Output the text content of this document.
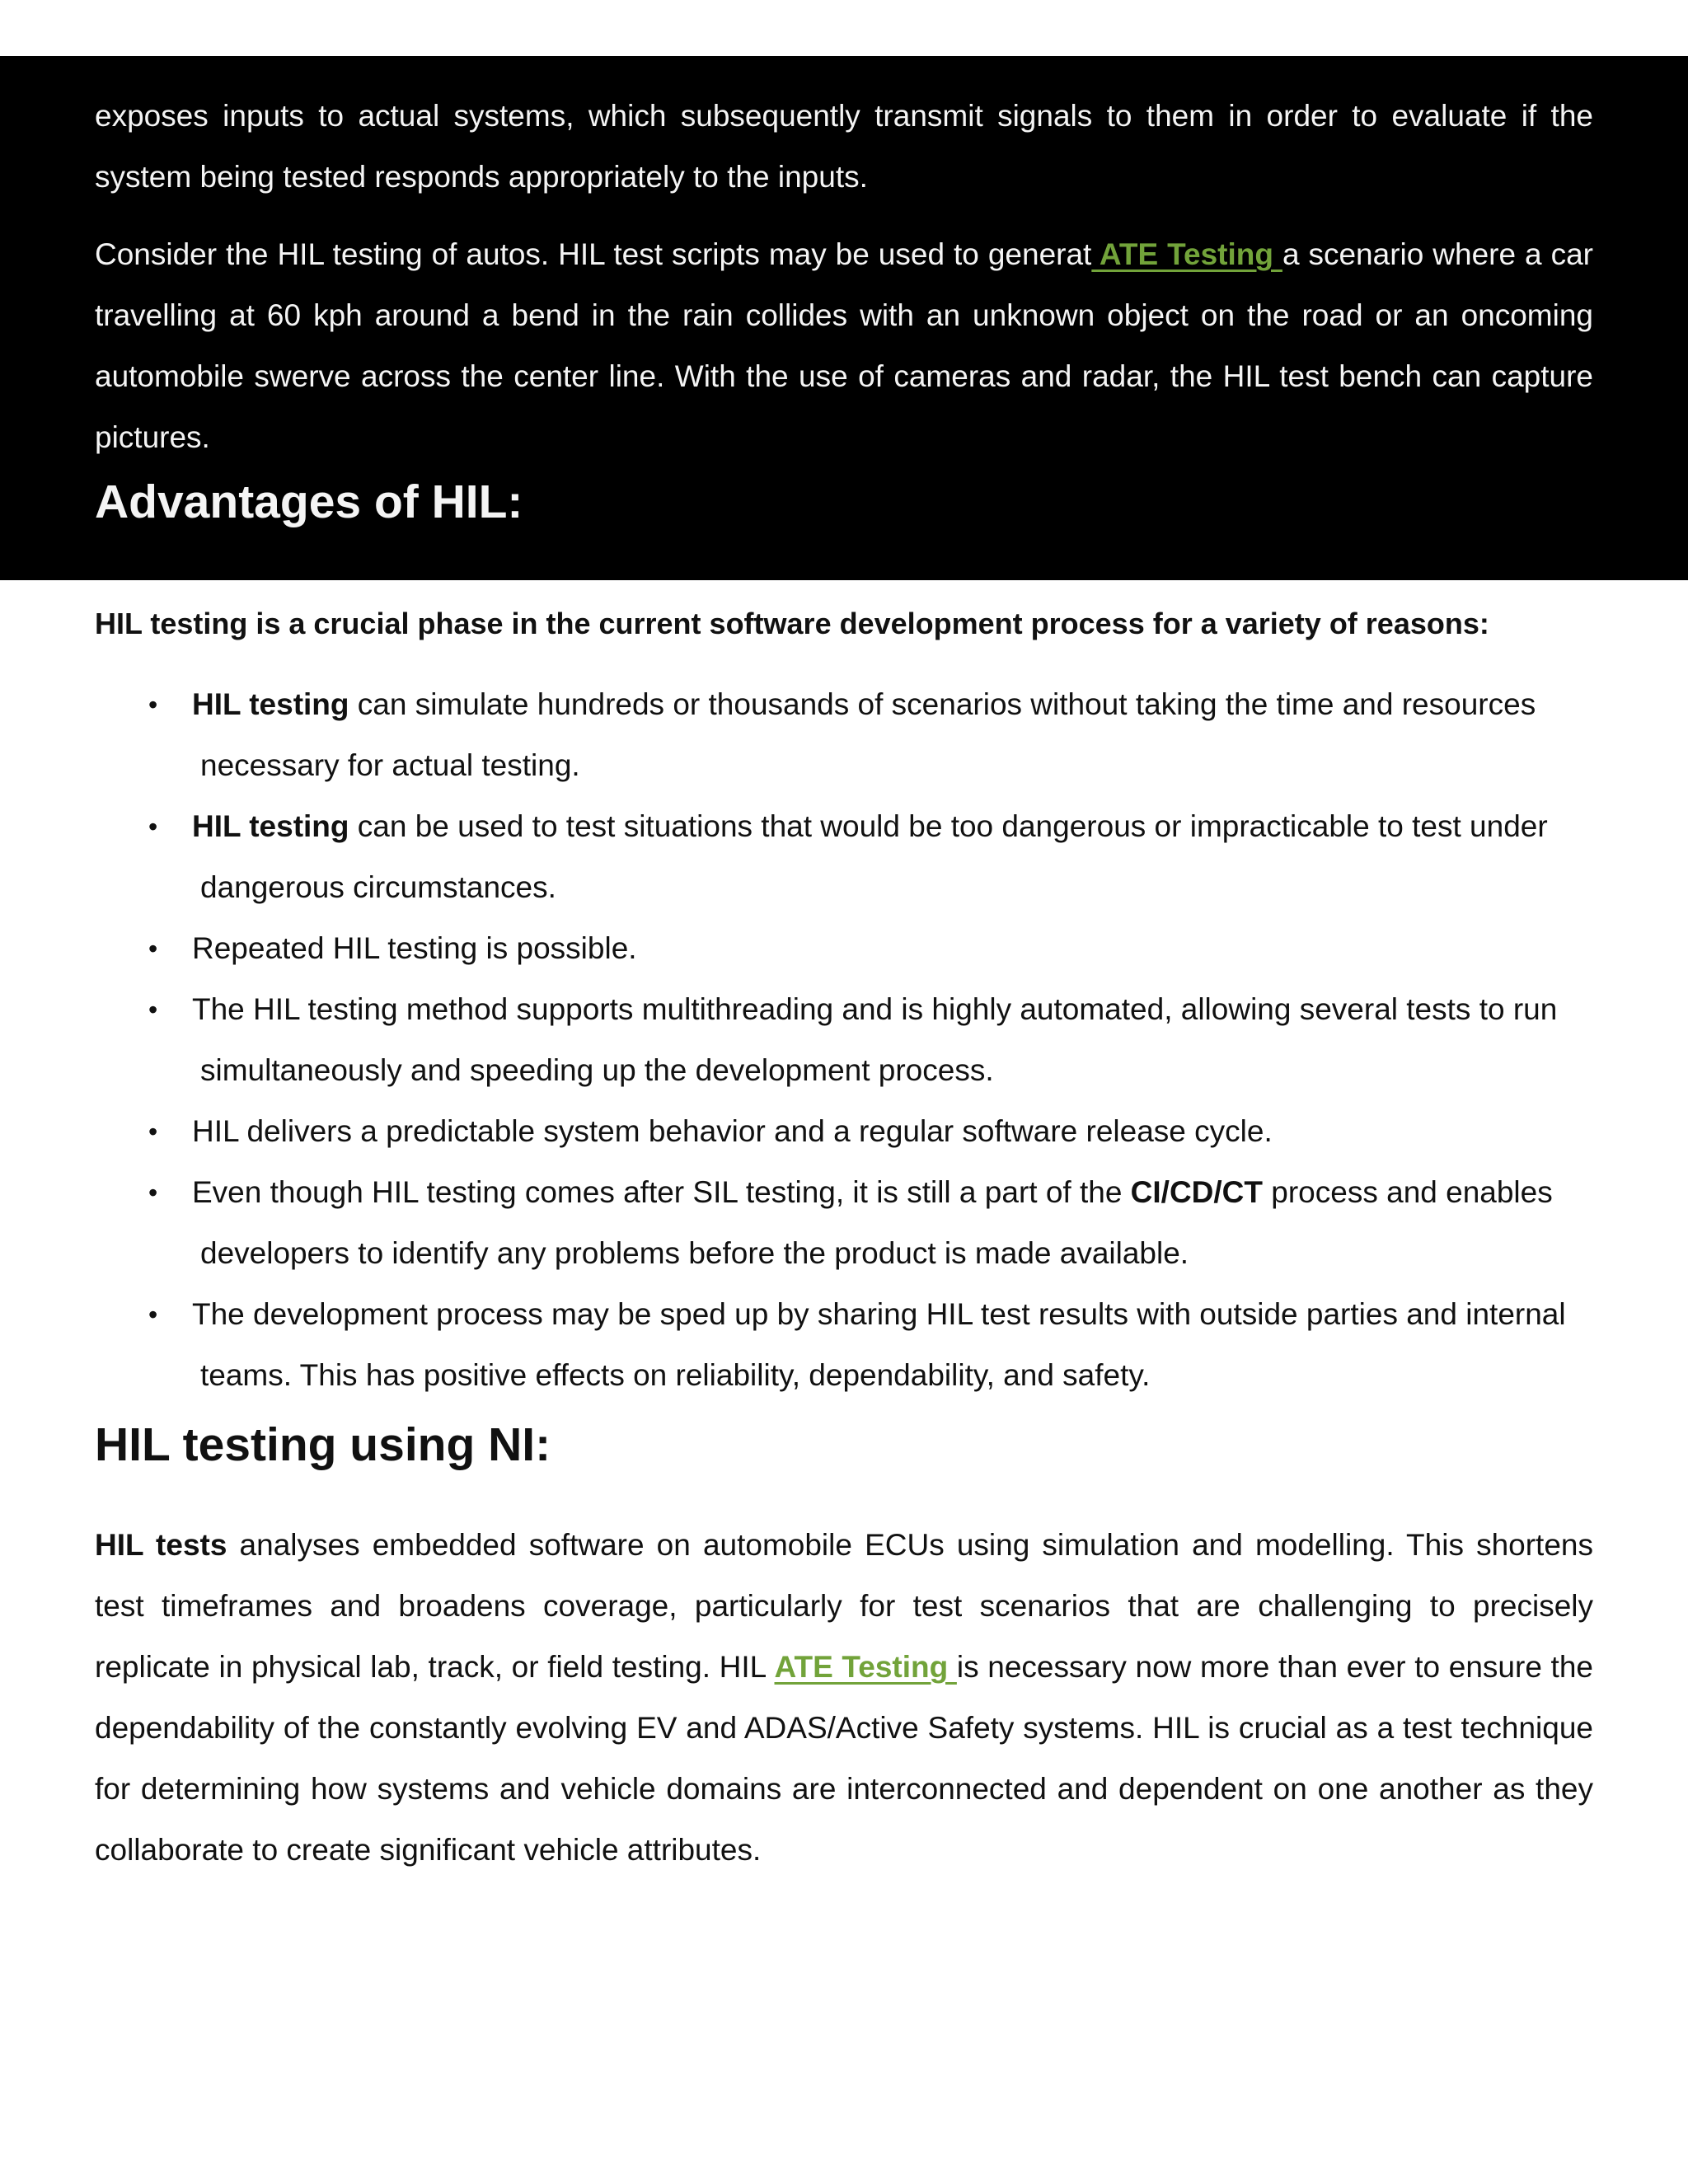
exposes inputs to actual systems, which subsequently transmit signals to them in order to evaluate if the system being tested responds appropriately to the inputs.

Consider the HIL testing of autos. HIL test scripts may be used to generat ATE Testing a scenario where a car travelling at 60 kph around a bend in the rain collides with an unknown object on the road or an oncoming automobile swerve across the center line. With the use of cameras and radar, the HIL test bench can capture pictures.

Advantages of HIL:

HIL testing is a crucial phase in the current software development process for a variety of reasons:

• HIL testing can simulate hundreds or thousands of scenarios without taking the time and resources
necessary for actual testing.
• HIL testing can be used to test situations that would be too dangerous or impracticable to test under
dangerous circumstances.
• Repeated HIL testing is possible.
• The HIL testing method supports multithreading and is highly automated, allowing several tests to run
simultaneously and speeding up the development process.
• HIL delivers a predictable system behavior and a regular software release cycle.
• Even though HIL testing comes after SIL testing, it is still a part of the CI/CD/CT process and enables
developers to identify any problems before the product is made available.
• The development process may be sped up by sharing HIL test results with outside parties and internal
teams. This has positive effects on reliability, dependability, and safety.
HIL testing using NI:

HIL tests analyses embedded software on automobile ECUs using simulation and modelling. This shortens test timeframes and broadens coverage, particularly for test scenarios that are challenging to precisely replicate in physical lab, track, or field testing. HIL ATE Testing is necessary now more than ever to ensure the dependability of the constantly evolving EV and ADAS/Active Safety systems. HIL is crucial as a test technique for determining how systems and vehicle domains are interconnected and dependent on one another as they collaborate to create significant vehicle attributes.
